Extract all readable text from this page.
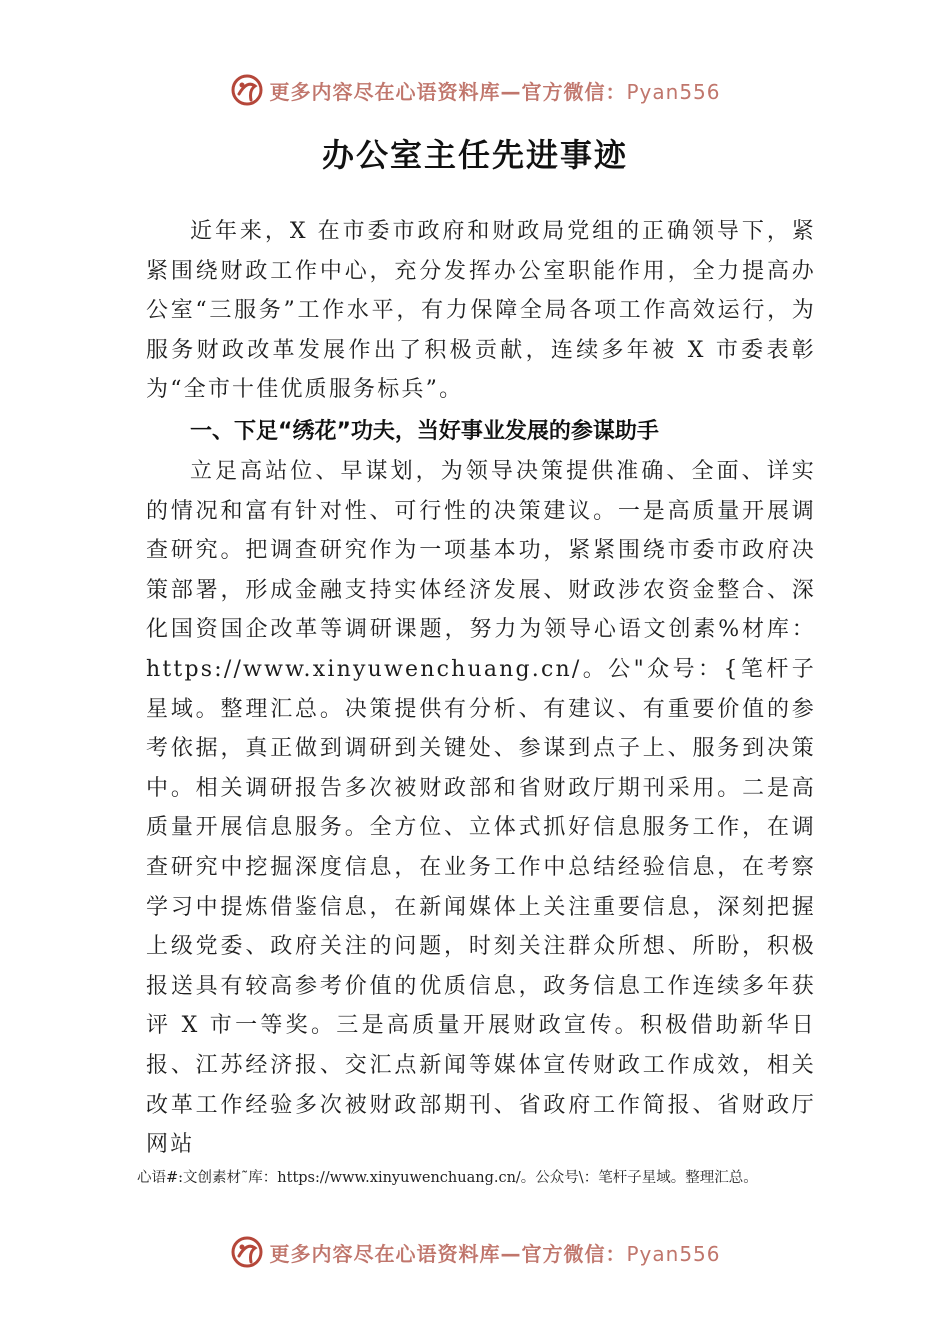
更多内容尽在心语资料库—官方微信：Pyan556
办公室主任先进事迹

近年来，X 在市委市政府和财政局党组的正确领导下，紧紧围绕财政工作中心，充分发挥办公室职能作用，全力提高办公室“三服务”工作水平，有力保障全局各项工作高效运行，为服务财政改革发展作出了积极贡献，连续多年被 X 市委表彰为“全市十佳优质服务标兵”。

一、下足“绣花”功夫，当好事业发展的参谋助手

立足高站位、早谋划，为领导决策提供准确、全面、详实的情况和富有针对性、可行性的决策建议。一是高质量开展调查研究。把调查研究作为一项基本功，紧紧围绕市委市政府决策部署，形成金融支持实体经济发展、财政涉农资金整合、深化国资国企改革等调研课题，努力为领导心语文创素%材库：https://www.xinyuwenchuang.cn/。公"众号：{笔杆子星域。整理汇总。决策提供有分析、有建议、有重要价值的参考依据，真正做到调研到关键处、参谋到点子上、服务到决策中。相关调研报告多次被财政部和省财政厅期刊采用。二是高质量开展信息服务。全方位、立体式抓好信息服务工作，在调查研究中挖掘深度信息，在业务工作中总结经验信息，在考察学习中提炼借鉴信息，在新闻媒体上关注重要信息，深刻把握上级党委、政府关注的问题，时刻关注群众所想、所盼，积极报送具有较高参考价值的优质信息，政务信息工作连续多年获评 X 市一等奖。三是高质量开展财政宣传。积极借助新华日报、江苏经济报、交汇点新闻等媒体宣传财政工作成效，相关改革工作经验多次被财政部期刊、省政府工作简报、省财政厅网站

心语#:文创素材˜库：https://www.xinyuwenchuang.cn/。公众号\：笔杆子星域。整理汇总。

更多内容尽在心语资料库—官方微信：Pyan556
